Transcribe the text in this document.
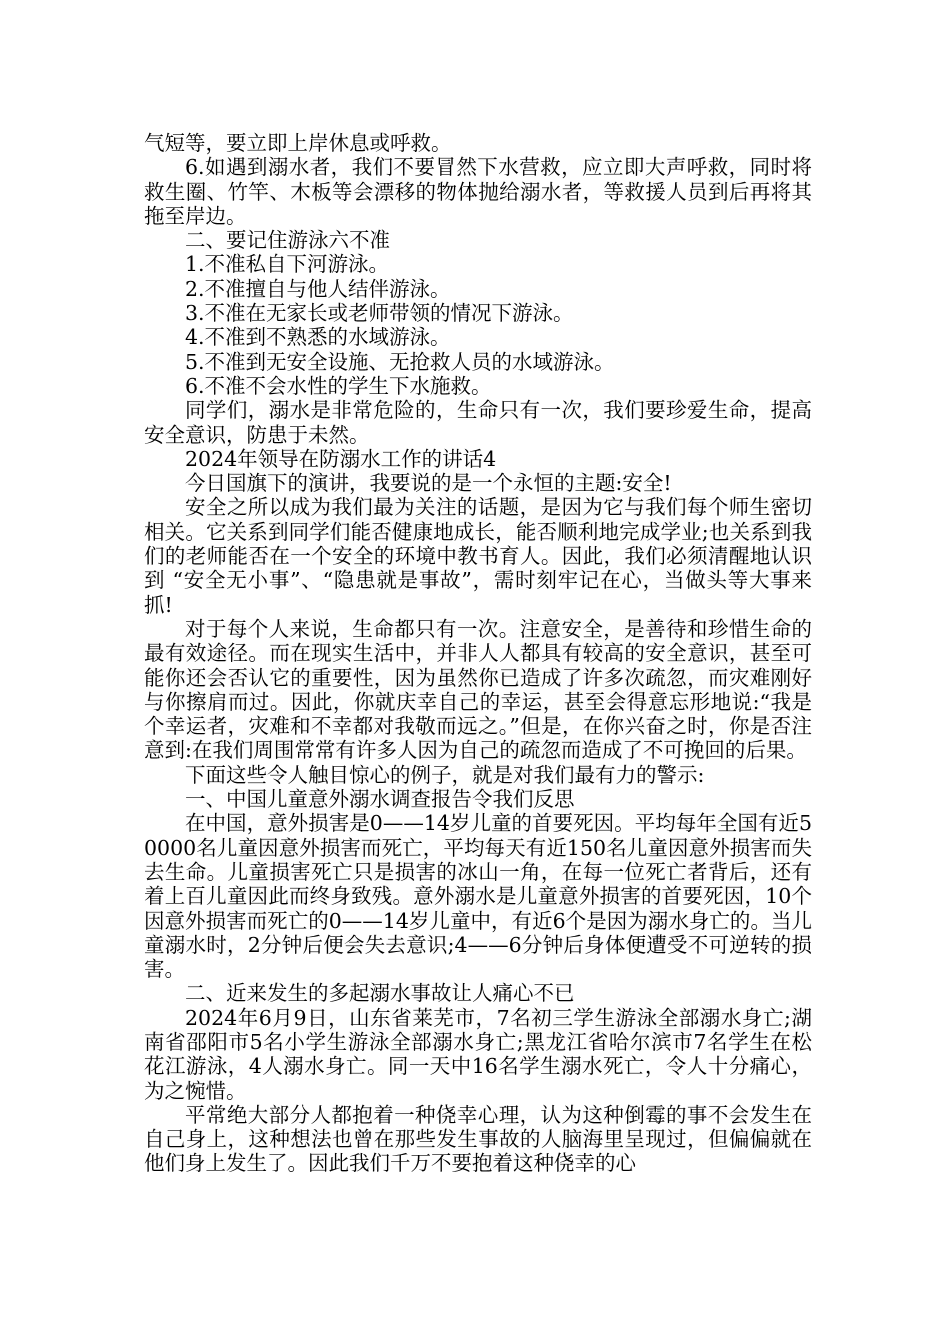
气短等，要立即上岸休息或呼救。

6.如遇到溺水者，我们不要冒然下水营救，应立即大声呼救，同时将救生圈、竹竿、木板等会漂移的物体抛给溺水者，等救援人员到后再将其拖至岸边。

二、要记住游泳六不准

1.不准私自下河游泳。

2.不准擅自与他人结伴游泳。

3.不准在无家长或老师带领的情况下游泳。

4.不准到不熟悉的水域游泳。

5.不准到无安全设施、无抢救人员的水域游泳。

6.不准不会水性的学生下水施救。

同学们，溺水是非常危险的，生命只有一次，我们要珍爱生命，提高安全意识，防患于未然。

2024年领导在防溺水工作的讲话4

今日国旗下的演讲，我要说的是一个永恒的主题:安全!

安全之所以成为我们最为关注的话题，是因为它与我们每个师生密切相关。它关系到同学们能否健康地成长，能否顺利地完成学业;也关系到我们的老师能否在一个安全的环境中教书育人。因此，我们必须清醒地认识到 “安全无小事”、“隐患就是事故”，需时刻牢记在心，当做头等大事来抓!

对于每个人来说，生命都只有一次。注意安全，是善待和珍惜生命的最有效途径。而在现实生活中，并非人人都具有较高的安全意识，甚至可能你还会否认它的重要性，因为虽然你已造成了许多次疏忽，而灾难刚好与你擦肩而过。因此，你就庆幸自己的幸运，甚至会得意忘形地说:“我是个幸运者，灾难和不幸都对我敬而远之。”但是，在你兴奋之时，你是否注意到:在我们周围常常有许多人因为自己的疏忽而造成了不可挽回的后果。

下面这些令人触目惊心的例子，就是对我们最有力的警示:

一、中国儿童意外溺水调查报告令我们反思

在中国，意外损害是0——14岁儿童的首要死因。平均每年全国有近50000名儿童因意外损害而死亡，平均每天有近150名儿童因意外损害而失去生命。儿童损害死亡只是损害的冰山一角，在每一位死亡者背后，还有着上百儿童因此而终身致残。意外溺水是儿童意外损害的首要死因，10个因意外损害而死亡的0——14岁儿童中，有近6个是因为溺水身亡的。当儿童溺水时，2分钟后便会失去意识;4——6分钟后身体便遭受不可逆转的损害。

二、近来发生的多起溺水事故让人痛心不已

2024年6月9日，山东省莱芜市，7名初三学生游泳全部溺水身亡;湖南省邵阳市5名小学生游泳全部溺水身亡;黑龙江省哈尔滨市7名学生在松花江游泳，4人溺水身亡。同一天中16名学生溺水死亡，令人十分痛心，为之惋惜。

平常绝大部分人都抱着一种侥幸心理，认为这种倒霉的事不会发生在自己身上，这种想法也曾在那些发生事故的人脑海里呈现过，但偏偏就在他们身上发生了。因此我们千万不要抱着这种侥幸的心
